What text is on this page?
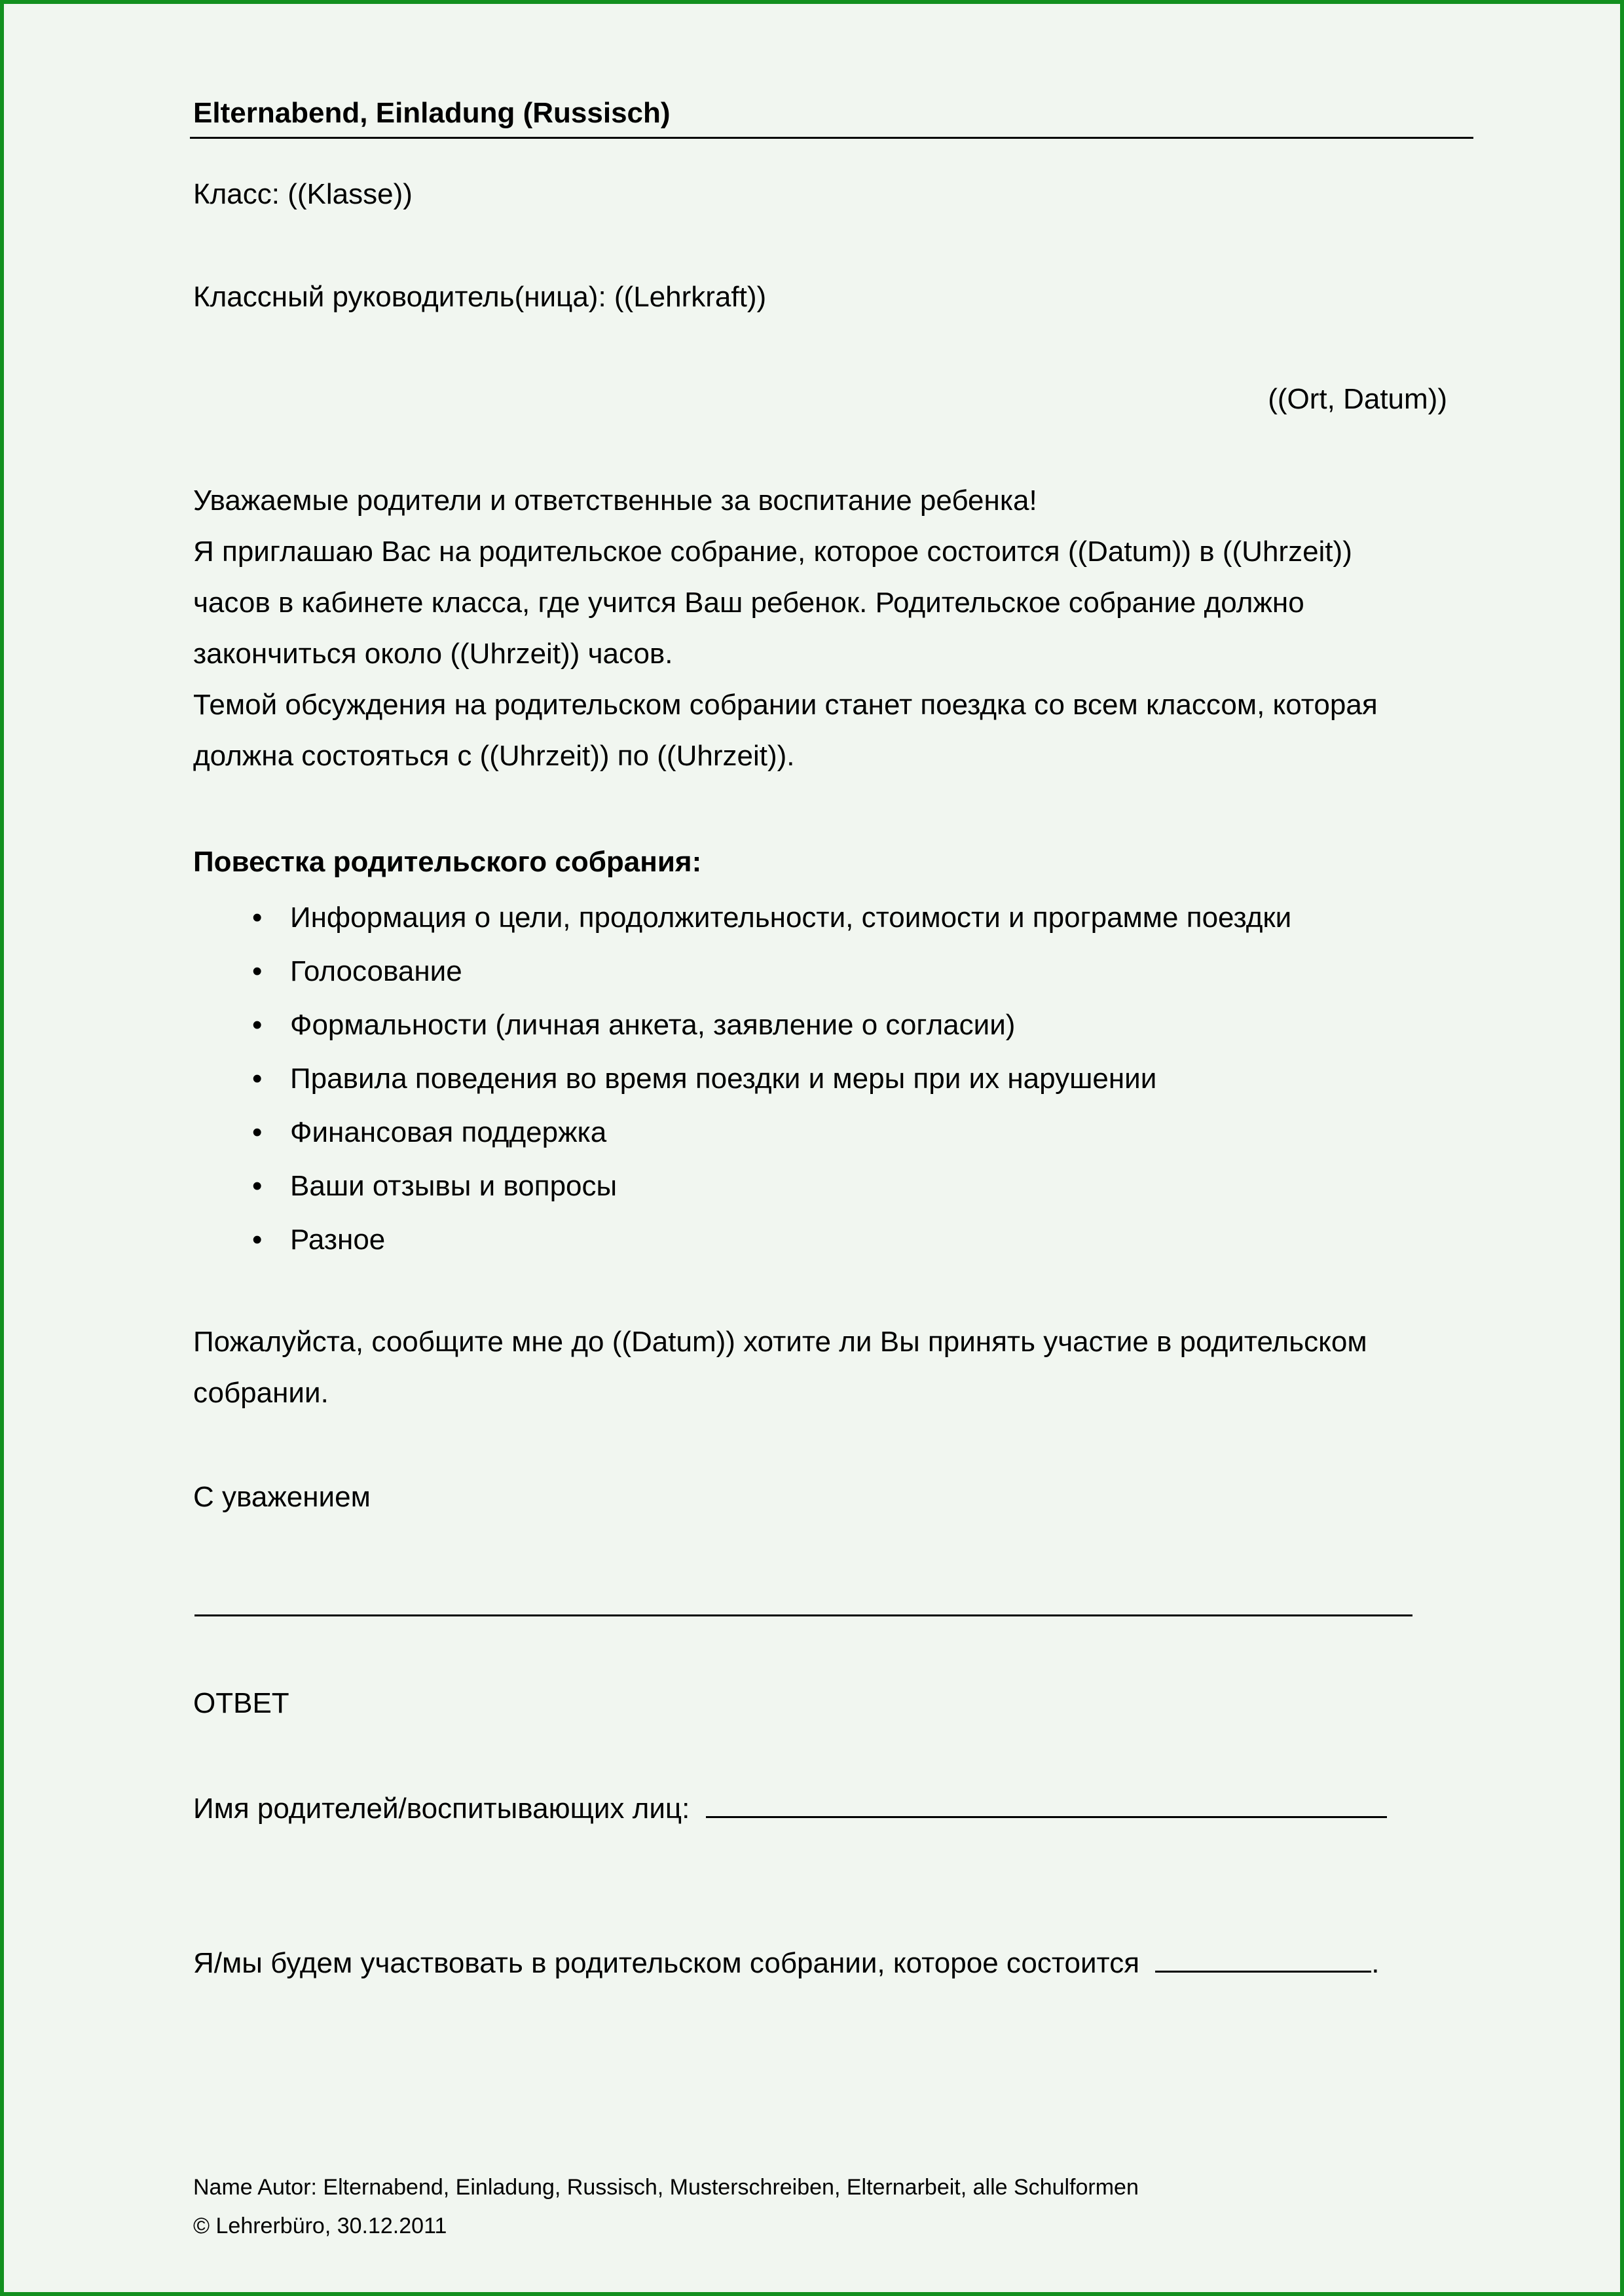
Elternabend, Einladung (Russisch)
Класс: ((Klasse))
Классный руководитель(ница): ((Lehrkraft))
((Ort, Datum))
Уважаемые родители и ответственные за воспитание ребенка!
Я приглашаю Вас на родительское собрание, которое состоится ((Datum)) в ((Uhrzeit))
часов в кабинете класса, где учится Ваш ребенок. Родительское собрание должно
закончиться около ((Uhrzeit)) часов.
Темой обсуждения на родительском собрании станет поездка со всем классом, которая
должна состояться с ((Uhrzeit)) по ((Uhrzeit)).
Повестка родительского собрания:
• Информация о цели, продолжительности, стоимости и программе поездки
• Голосование
• Формальности (личная анкета, заявление о согласии)
• Правила поведения во время поездки и меры при их нарушении
• Финансовая поддержка
• Ваши отзывы и вопросы
• Разное
Пожалуйста, сообщите мне до ((Datum)) хотите ли Вы принять участие в родительском
собрании.
С уважением
ОТВЕТ
Имя родителей/воспитывающих лиц:
Я/мы будем участвовать в родительском собрании, которое состоится	.
Name Autor: Elternabend, Einladung, Russisch, Musterschreiben, Elternarbeit, alle Schulformen
© Lehrerbüro, 30.12.2011
